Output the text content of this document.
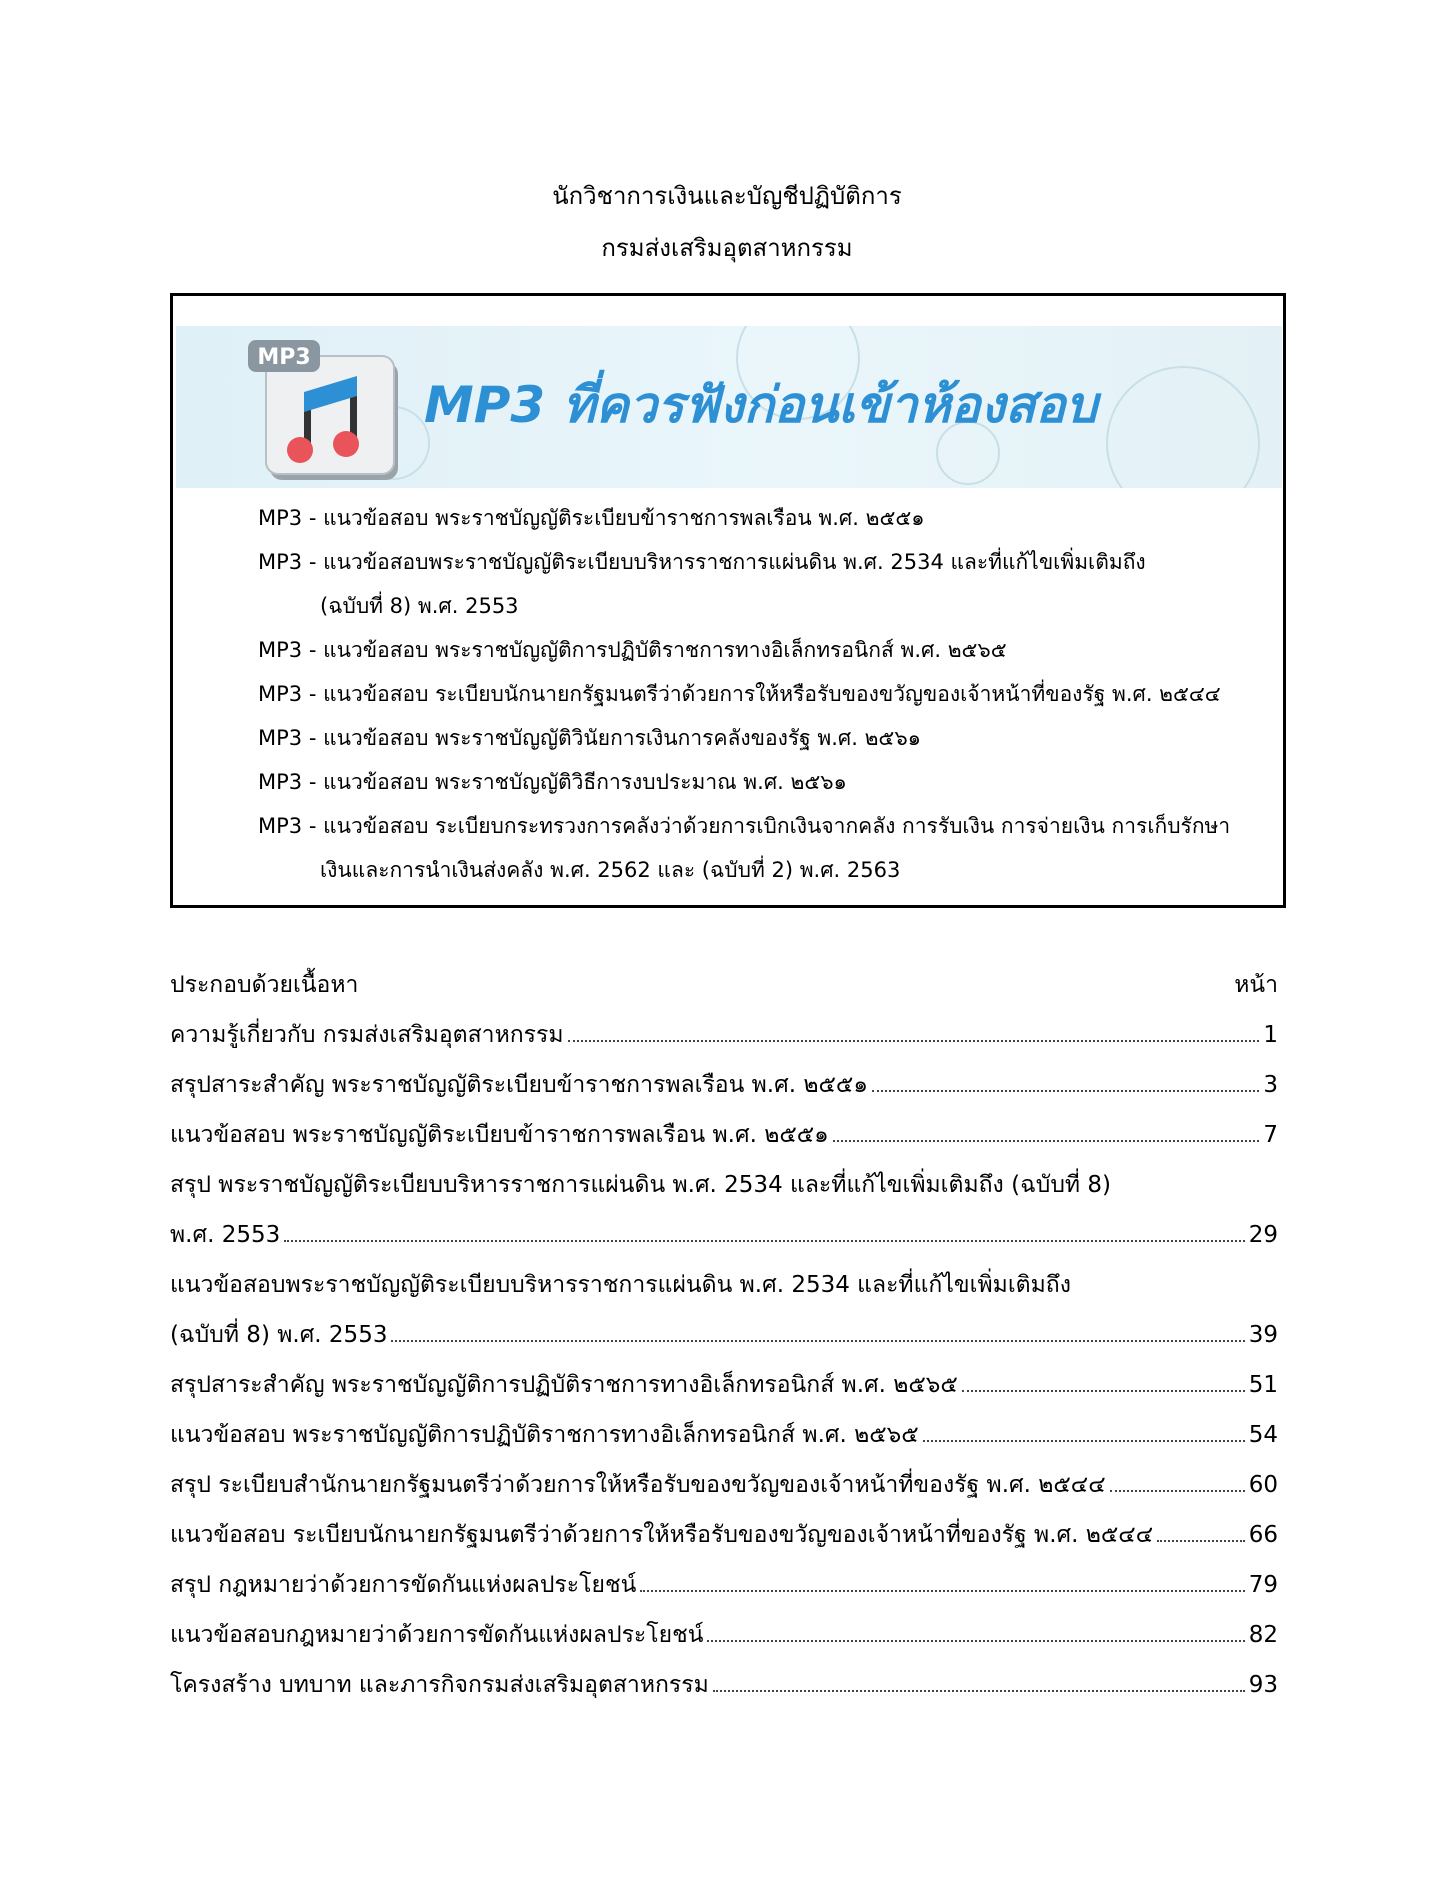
นักวิชาการเงินและบัญชีปฏิบัติการ
กรมส่งเสริมอุตสาหกรรม
MP3
MP3 ที่ควรฟังก่อนเข้าห้องสอบ
MP3 - แนวข้อสอบ พระราชบัญญัติระเบียบข้าราชการพลเรือน พ.ศ. ๒๕๕๑
MP3 - แนวข้อสอบพระราชบัญญัติระเบียบบริหารราชการแผ่นดิน พ.ศ. 2534 และที่แก้ไขเพิ่มเติมถึง
(ฉบับที่ 8) พ.ศ. 2553
MP3 - แนวข้อสอบ พระราชบัญญัติการปฏิบัติราชการทางอิเล็กทรอนิกส์ พ.ศ. ๒๕๖๕
MP3 - แนวข้อสอบ ระเบียบนักนายกรัฐมนตรีว่าด้วยการให้หรือรับของขวัญของเจ้าหน้าที่ของรัฐ พ.ศ. ๒๕๔๔
MP3 - แนวข้อสอบ พระราชบัญญัติวินัยการเงินการคลังของรัฐ พ.ศ. ๒๕๖๑
MP3 - แนวข้อสอบ พระราชบัญญัติวิธีการงบประมาณ พ.ศ. ๒๕๖๑
MP3 - แนวข้อสอบ ระเบียบกระทรวงการคลังว่าด้วยการเบิกเงินจากคลัง การรับเงิน การจ่ายเงิน การเก็บรักษา
เงินและการนำเงินส่งคลัง พ.ศ. 2562 และ (ฉบับที่ 2) พ.ศ. 2563
ประกอบด้วยเนื้อหา	หน้า
ความรู้เกี่ยวกับ กรมส่งเสริมอุตสาหกรรม	1
สรุปสาระสำคัญ พระราชบัญญัติระเบียบข้าราชการพลเรือน พ.ศ. ๒๕๕๑	3
แนวข้อสอบ พระราชบัญญัติระเบียบข้าราชการพลเรือน พ.ศ. ๒๕๕๑	7
สรุป พระราชบัญญัติระเบียบบริหารราชการแผ่นดิน พ.ศ. 2534 และที่แก้ไขเพิ่มเติมถึง (ฉบับที่ 8)
พ.ศ. 2553	29
แนวข้อสอบพระราชบัญญัติระเบียบบริหารราชการแผ่นดิน พ.ศ. 2534 และที่แก้ไขเพิ่มเติมถึง
(ฉบับที่ 8) พ.ศ. 2553	39
สรุปสาระสำคัญ พระราชบัญญัติการปฏิบัติราชการทางอิเล็กทรอนิกส์ พ.ศ. ๒๕๖๕	51
แนวข้อสอบ พระราชบัญญัติการปฏิบัติราชการทางอิเล็กทรอนิกส์ พ.ศ. ๒๕๖๕	54
สรุป ระเบียบสำนักนายกรัฐมนตรีว่าด้วยการให้หรือรับของขวัญของเจ้าหน้าที่ของรัฐ พ.ศ. ๒๕๔๔	60
แนวข้อสอบ ระเบียบนักนายกรัฐมนตรีว่าด้วยการให้หรือรับของขวัญของเจ้าหน้าที่ของรัฐ พ.ศ. ๒๕๔๔	66
สรุป กฎหมายว่าด้วยการขัดกันแห่งผลประโยชน์	79
แนวข้อสอบกฎหมายว่าด้วยการขัดกันแห่งผลประโยชน์	82
โครงสร้าง บทบาท และภารกิจกรมส่งเสริมอุตสาหกรรม	93
